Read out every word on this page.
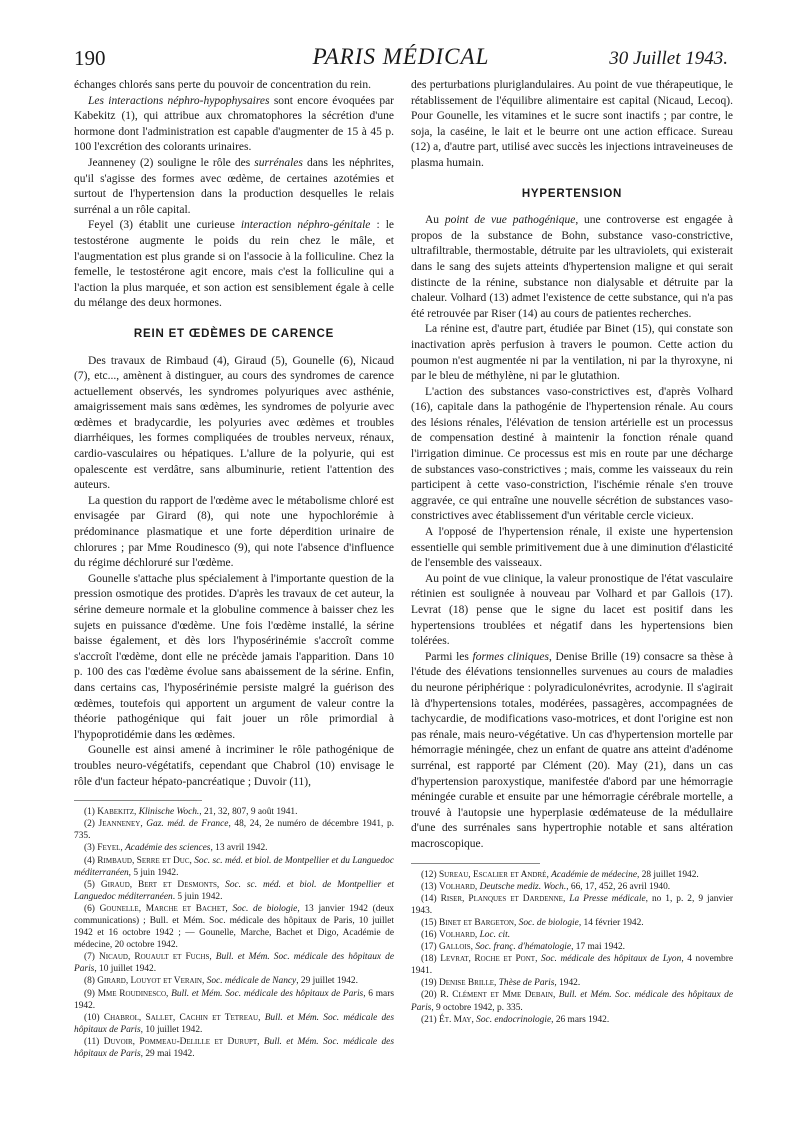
190	PARIS MÉDICAL	30 Juillet 1943.

échanges chlorés sans perte du pouvoir de concentration du rein.

Les interactions néphro-hypophysaires sont encore évoquées par Kabekitz (1), qui attribue aux chromatophores la sécrétion d'une hormone dont l'administration est capable d'augmenter de 15 à 45 p. 100 l'excrétion des colorants urinaires.

Jeanneney (2) souligne le rôle des surrénales dans les néphrites, qu'il s'agisse des formes avec œdème, de certaines azotémies et surtout de l'hypertension dans la production desquelles le relais surrénal a un rôle capital.

Feyel (3) établit une curieuse interaction néphro-génitale : le testostérone augmente le poids du rein chez le mâle, et l'augmentation est plus grande si on l'associe à la folliculine. Chez la femelle, le testostérone agit encore, mais c'est la folliculine qui a l'action la plus marquée, et son action est sensiblement égale à celle du mélange des deux hormones.

REIN ET ŒDÈMES DE CARENCE

Des travaux de Rimbaud (4), Giraud (5), Gounelle (6), Nicaud (7), etc..., amènent à distinguer, au cours des syndromes de carence actuellement observés, les syndromes polyuriques avec asthénie, amaigrissement mais sans œdèmes, les syndromes de polyurie avec œdèmes et bradycardie, les polyuries avec œdèmes et troubles diarrhéiques, les formes compliquées de troubles nerveux, rénaux, cardio-vasculaires ou hépatiques. L'allure de la polyurie, qui est opalescente est verdâtre, sans albuminurie, retient l'attention des auteurs.

La question du rapport de l'œdème avec le métabolisme chloré est envisagée par Girard (8), qui note une hypochlorémie à prédominance plasmatique et une forte déperdition urinaire de chlorures ; par Mme Roudinesco (9), qui note l'absence d'influence du régime déchloruré sur l'œdème.

Gounelle s'attache plus spécialement à l'importante question de la pression osmotique des protides. D'après les travaux de cet auteur, la sérine demeure normale et la globuline commence à baisser chez les sujets en puissance d'œdème. Une fois l'œdème installé, la sérine baisse également, et dès lors l'hyposérinémie s'accroît comme s'accroît l'œdème, dont elle ne précède jamais l'apparition. Dans 10 p. 100 des cas l'œdème évolue sans abaissement de la sérine. Enfin, dans certains cas, l'hyposérinémie persiste malgré la guérison des œdèmes, toutefois qui apportent un argument de valeur contre la théorie pathogénique qui fait jouer un rôle primordial à l'hypoprotidémie dans les œdèmes.

Gounelle est ainsi amené à incriminer le rôle pathogénique de troubles neuro-végétatifs, cependant que Chabrol (10) envisage le rôle d'un facteur hépato-pancréatique ; Duvoir (11),

(1) Kabekitz, Klinische Woch., 21, 32, 807, 9 août 1941.

(2) Jeanneney, Gaz. méd. de France, 48, 24, 2e numéro de décembre 1941, p. 735.

(3) Feyel, Académie des sciences, 13 avril 1942.

(4) Rimbaud, Serre et Duc, Soc. sc. méd. et biol. de Montpellier et du Languedoc méditerranéen, 5 juin 1942.

(5) Giraud, Bert et Desmonts, Soc. sc. méd. et biol. de Montpellier et Languedoc méditerranéen. 5 juin 1942.

(6) Gounelle, Marche et Bachet, Soc. de biologie, 13 janvier 1942 (deux communications) ; Bull. et Mém. Soc. médicale des hôpitaux de Paris, 10 juillet 1942 et 16 octobre 1942 ; — Gounelle, Marche, Bachet et Digo, Académie de médecine, 20 octobre 1942.

(7) Nicaud, Rouault et Fuchs, Bull. et Mém. Soc. médicale des hôpitaux de Paris, 10 juillet 1942.

(8) Girard, Louyot et Verain, Soc. médicale de Nancy, 29 juillet 1942.

(9) Mme Roudinesco, Bull. et Mém. Soc. médicale des hôpitaux de Paris, 6 mars 1942.

(10) Chabrol, Sallet, Cachin et Tetreau, Bull. et Mém. Soc. médicale des hôpitaux de Paris, 10 juillet 1942.

(11) Duvoir, Pommeau-Delille et Durupt, Bull. et Mém. Soc. médicale des hôpitaux de Paris, 29 mai 1942.

des perturbations pluriglandulaires. Au point de vue thérapeutique, le rétablissement de l'équilibre alimentaire est capital (Nicaud, Lecoq). Pour Gounelle, les vitamines et le sucre sont inactifs ; par contre, le soja, la caséine, le lait et le beurre ont une action efficace. Sureau (12) a, d'autre part, utilisé avec succès les injections intraveineuses de plasma humain.

HYPERTENSION

Au point de vue pathogénique, une controverse est engagée à propos de la substance de Bohn, substance vaso-constrictive, ultrafiltrable, thermostable, détruite par les ultraviolets, qui existerait dans le sang des sujets atteints d'hypertension maligne et qui serait distincte de la rénine, substance non dialysable et détruite par la chaleur. Volhard (13) admet l'existence de cette substance, qui n'a pas été retrouvée par Riser (14) au cours de patientes recherches.

La rénine est, d'autre part, étudiée par Binet (15), qui constate son inactivation après perfusion à travers le poumon. Cette action du poumon n'est augmentée ni par la ventilation, ni par la thyroxyne, ni par le bleu de méthylène, ni par le glutathion.

L'action des substances vaso-constrictives est, d'après Volhard (16), capitale dans la pathogénie de l'hypertension rénale. Au cours des lésions rénales, l'élévation de tension artérielle est un processus de compensation destiné à maintenir la fonction rénale quand l'irrigation diminue. Ce processus est mis en route par une décharge de substances vaso-constrictives ; mais, comme les vaisseaux du rein participent à cette vaso-constriction, l'ischémie rénale s'en trouve aggravée, ce qui entraîne une nouvelle sécrétion de substances vaso-constrictives avec établissement d'un véritable cercle vicieux.

A l'opposé de l'hypertension rénale, il existe une hypertension essentielle qui semble primitivement due à une diminution d'élasticité de l'ensemble des vaisseaux.

Au point de vue clinique, la valeur pronostique de l'état vasculaire rétinien est soulignée à nouveau par Volhard et par Gallois (17). Levrat (18) pense que le signe du lacet est positif dans les hypertensions troublées et négatif dans les hypertensions bien tolérées.

Parmi les formes cliniques, Denise Brille (19) consacre sa thèse à l'étude des élévations tensionnelles survenues au cours de maladies du neurone périphérique : polyradiculonévrites, acrodynie. Il s'agirait là d'hypertensions totales, modérées, passagères, accompagnées de tachycardie, de modifications vaso-motrices, et dont l'origine est non pas rénale, mais neuro-végétative. Un cas d'hypertension mortelle par hémorragie méningée, chez un enfant de quatre ans atteint d'adénome surrénal, est rapporté par Clément (20). May (21), dans un cas d'hypertension paroxystique, manifestée d'abord par une hémorragie méningée curable et ensuite par une hémorragie cérébrale mortelle, a trouvé à l'autopsie une hyperplasie œdémateuse de la médullaire d'une des surrénales sans hypertrophie notable et sans altération macroscopique.

(12) Sureau, Escalier et André, Académie de médecine, 28 juillet 1942.

(13) Volhard, Deutsche mediz. Woch., 66, 17, 452, 26 avril 1940.

(14) Riser, Planques et Dardenne, La Presse médicale, no 1, p. 2, 9 janvier 1943.

(15) Binet et Bargeton, Soc. de biologie, 14 février 1942.

(16) Volhard, Loc. cit.

(17) Gallois, Soc. franç. d'hématologie, 17 mai 1942.

(18) Levrat, Roche et Pont, Soc. médicale des hôpitaux de Lyon, 4 novembre 1941.

(19) Denise Brille, Thèse de Paris, 1942.

(20) R. Clément et Mme Debain, Bull. et Mém. Soc. médicale des hôpitaux de Paris, 9 octobre 1942, p. 335.

(21) Ét. May, Soc. endocrinologie, 26 mars 1942.
